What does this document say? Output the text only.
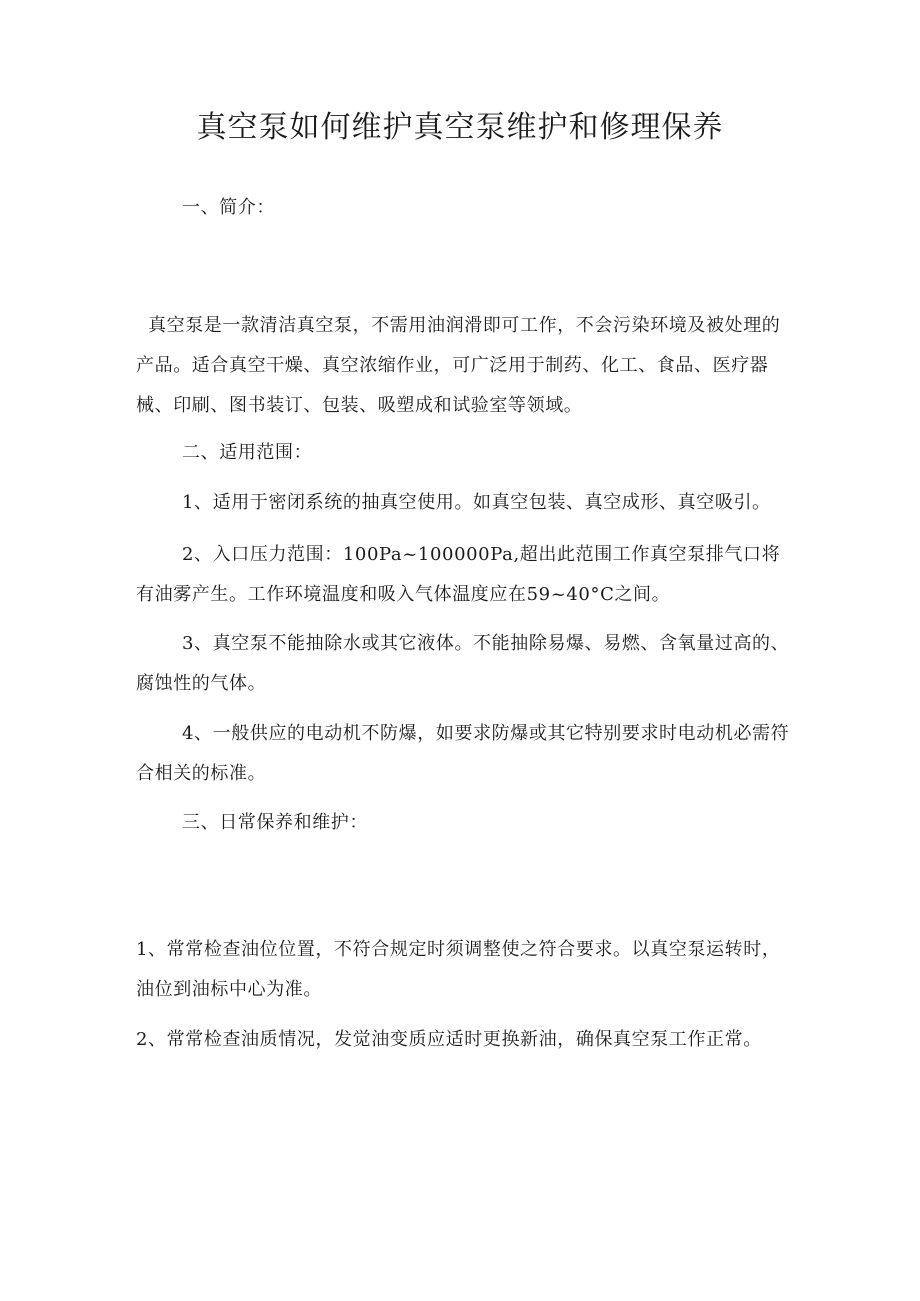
真空泵如何维护真空泵维护和修理保养

一、简介：

真空泵是一款清洁真空泵，不需用油润滑即可工作，不会污染环境及被处理的产品。适合真空干燥、真空浓缩作业，可广泛用于制药、化工、食品、医疗器械、印刷、图书装订、包装、吸塑成和试验室等领域。

二、适用范围：

1、适用于密闭系统的抽真空使用。如真空包装、真空成形、真空吸引。

2、入口压力范围：100Pa~100000Pa,超出此范围工作真空泵排气口将有油雾产生。工作环境温度和吸入气体温度应在59~40°C之间。

3、真空泵不能抽除水或其它液体。不能抽除易爆、易燃、含氧量过高的、腐蚀性的气体。

4、一般供应的电动机不防爆，如要求防爆或其它特别要求时电动机必需符合相关的标准。

三、日常保养和维护：

1、常常检查油位位置，不符合规定时须调整使之符合要求。以真空泵运转时，油位到油标中心为准。

2、常常检查油质情况，发觉油变质应适时更换新油，确保真空泵工作正常。
